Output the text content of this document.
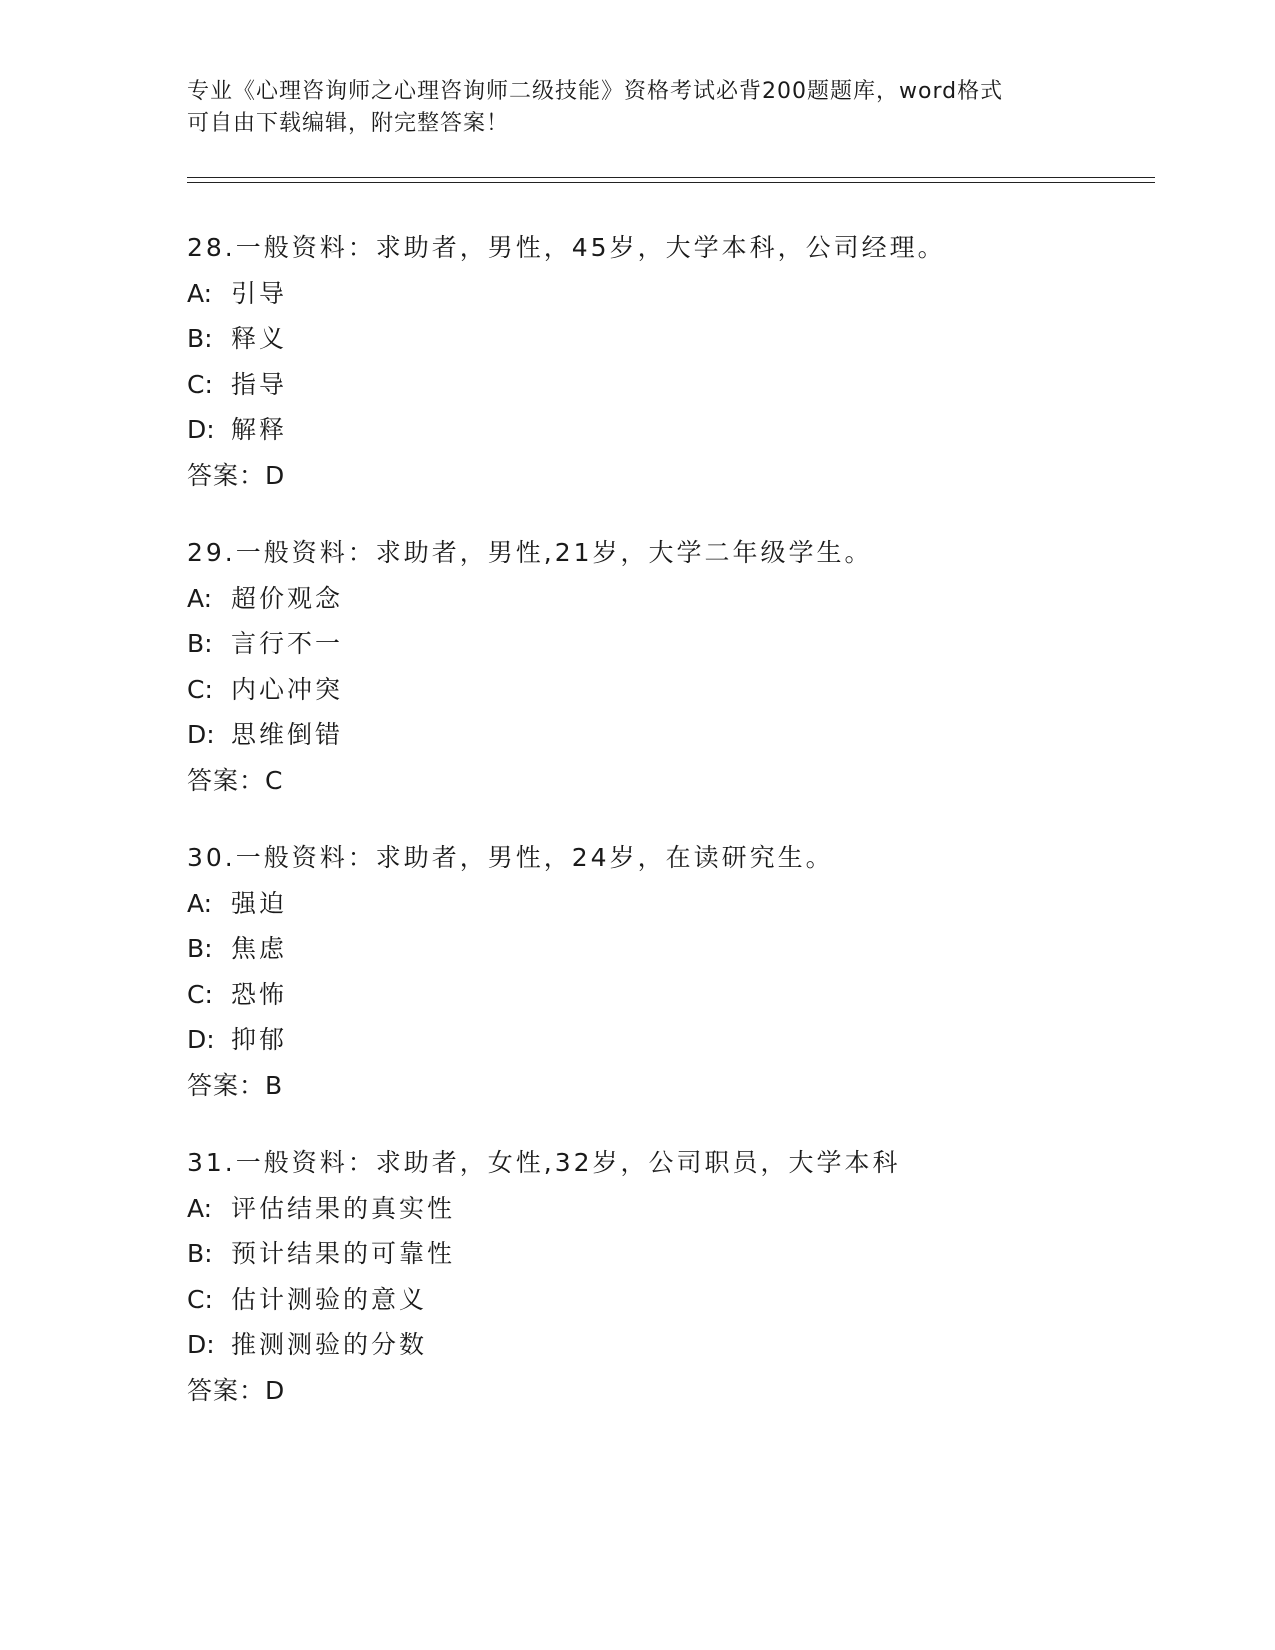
专业《心理咨询师之心理咨询师二级技能》资格考试必背200题题库，word格式
可自由下载编辑，附完整答案！
28.一般资料：求助者，男性，45岁，大学本科，公司经理。
A: 引导
B: 释义
C: 指导
D: 解释
答案：D
29.一般资料：求助者，男性,21岁，大学二年级学生。
A: 超价观念
B: 言行不一
C: 内心冲突
D: 思维倒错
答案：C
30.一般资料：求助者，男性，24岁，在读研究生。
A: 强迫
B: 焦虑
C: 恐怖
D: 抑郁
答案：B
31.一般资料：求助者，女性,32岁，公司职员，大学本科
A: 评估结果的真实性
B: 预计结果的可靠性
C: 估计测验的意义
D: 推测测验的分数
答案：D
